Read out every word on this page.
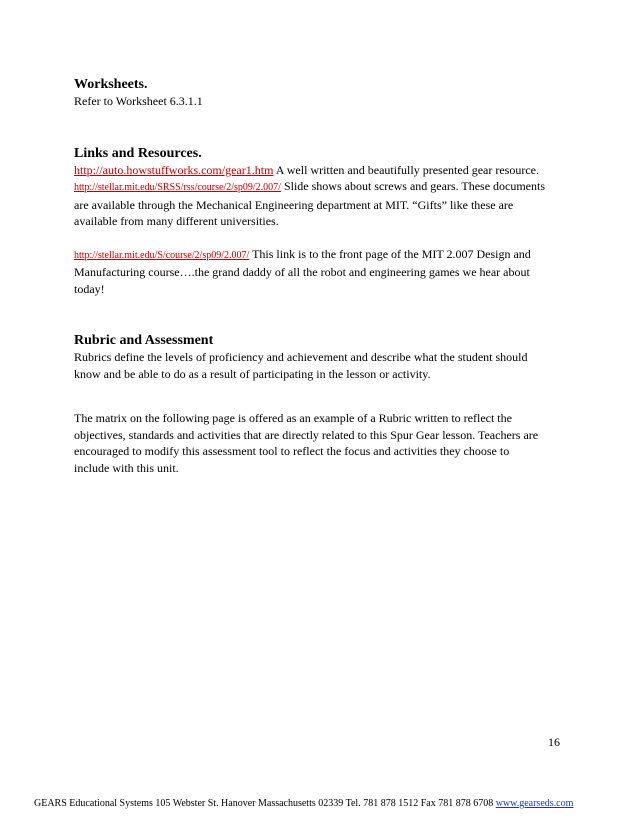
Worksheets.

Refer to Worksheet 6.3.1.1

Links and Resources.

http://auto.howstuffworks.com/gear1.htm A well written and beautifully presented gear resource.

http://stellar.mit.edu/SRSS/rss/course/2/sp09/2.007/ Slide shows about screws and gears. These documents are available through the Mechanical Engineering department at MIT. “Gifts” like these are available from many different universities.

http://stellar.mit.edu/S/course/2/sp09/2.007/ This link is to the front page of the MIT 2.007 Design and Manufacturing course….the grand daddy of all the robot and engineering games we hear about today!

Rubric and Assessment

Rubrics define the levels of proficiency and achievement and describe what the student should know and be able to do as a result of participating in the lesson or activity.

The matrix on the following page is offered as an example of a Rubric written to reflect the objectives, standards and activities that are directly related to this Spur Gear lesson. Teachers are encouraged to modify this assessment tool to reflect the focus and activities they choose to include with this unit.

16
GEARS Educational Systems 105 Webster St. Hanover Massachusetts 02339 Tel. 781 878 1512 Fax 781 878 6708 www.gearseds.com
